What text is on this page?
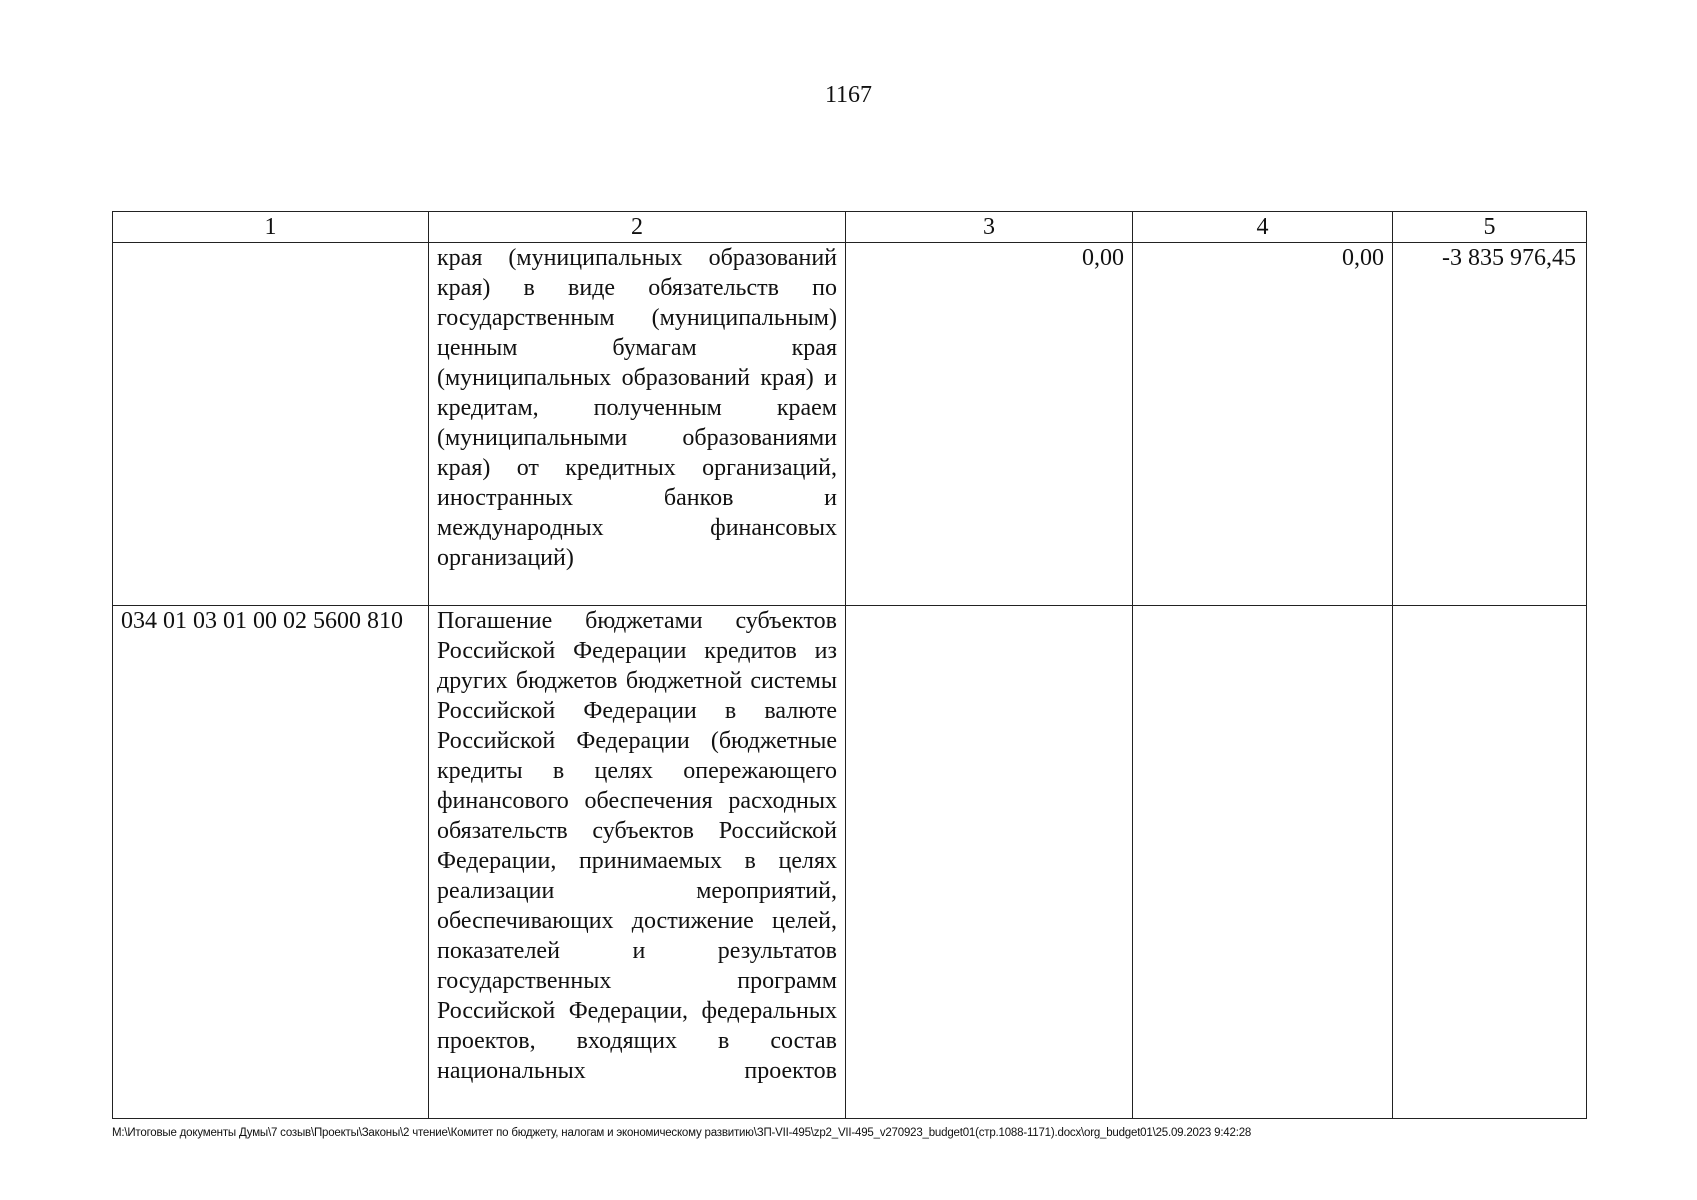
1167
1	2	3	4	5
	края (муниципальных образований края) в виде обязательств по государственным (муниципальным) ценным бумагам края (муниципальных образований края) и кредитам, полученным краем (муниципальными образованиями края) от кредитных организаций, иностранных банков и международных финансовых организаций)	0,00	0,00	-3 835 976,45
034 01 03 01 00 02 5600 810	Погашение бюджетами субъектов Российской Федерации кредитов из других бюджетов бюджетной системы Российской Федерации в валюте Российской Федерации (бюджетные кредиты в целях опережающего финансового обеспечения расходных обязательств субъектов Российской Федерации, принимаемых в целях реализации мероприятий, обеспечивающих достижение целей, показателей и результатов государственных программ Российской Федерации, федеральных проектов, входящих в состав национальных проектов			
M:\Итоговые документы Думы\7 созыв\Проекты\Законы\2 чтение\Комитет по бюджету, налогам и экономическому развитию\ЗП-VII-495\zp2_VII-495_v270923_budget01(стр.1088-1171).docx\org_budget01\25.09.2023 9:42:28
